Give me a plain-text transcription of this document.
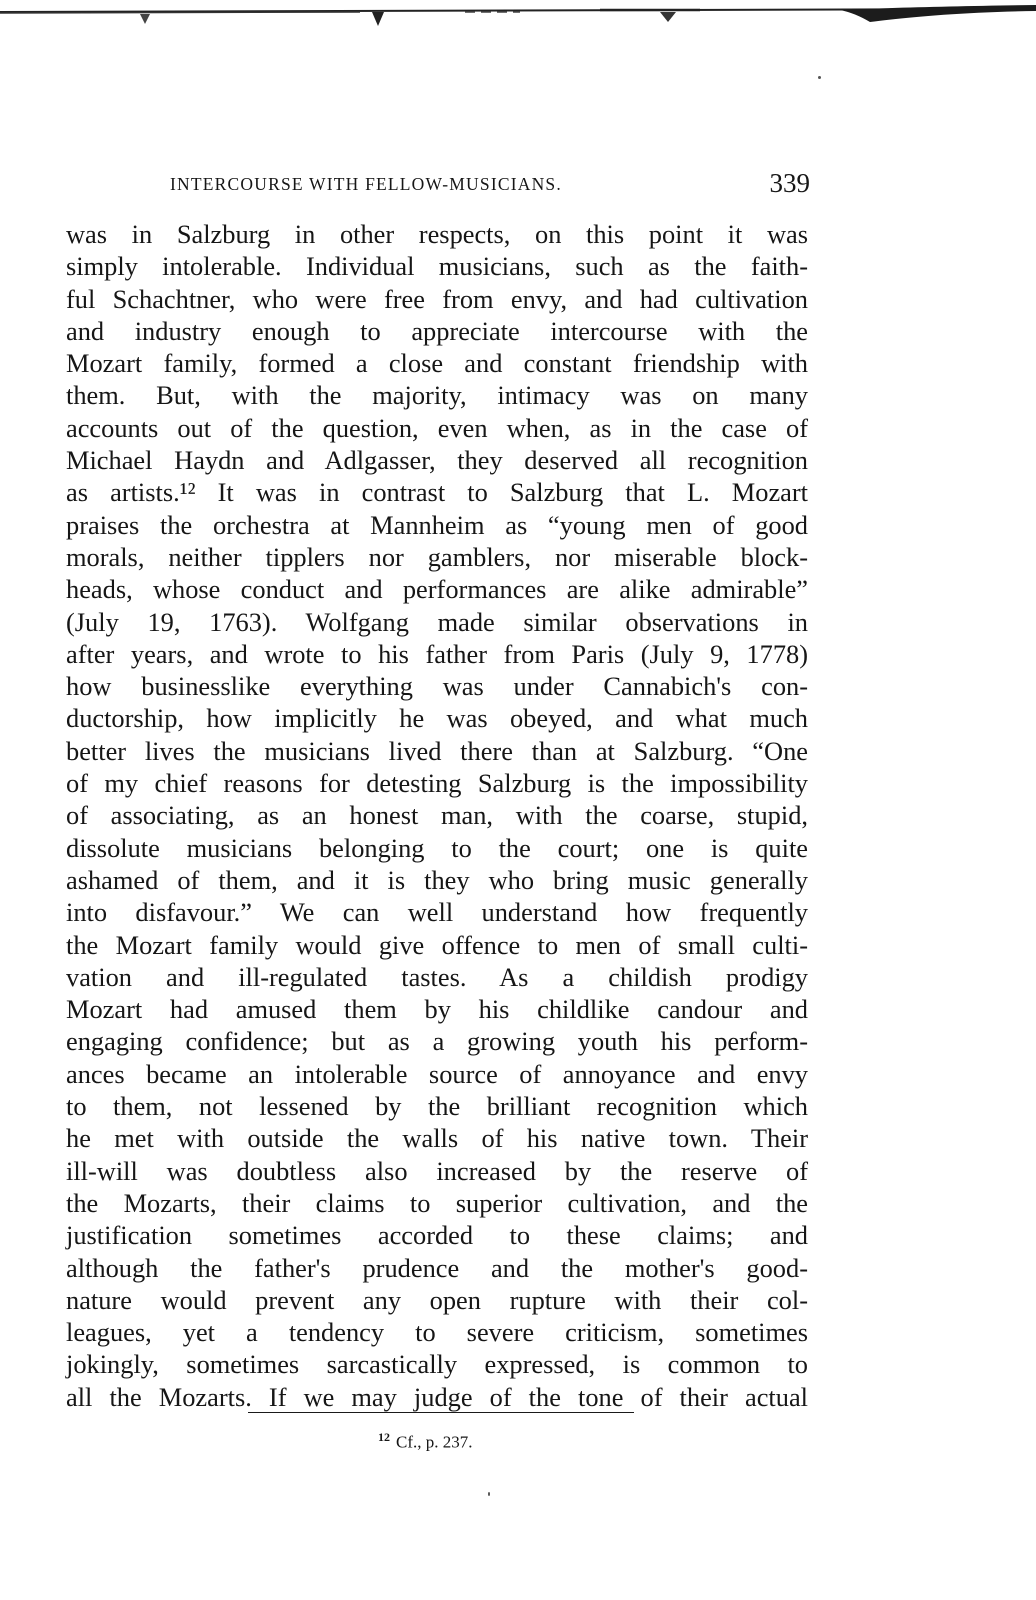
INTERCOURSE WITH FELLOW-MUSICIANS.	339

was in Salzburg in other respects, on this point it was
simply intolerable. Individual musicians, such as the faith-
ful Schachtner, who were free from envy, and had cultivation
and industry enough to appreciate intercourse with the
Mozart family, formed a close and constant friendship with
them. But, with the majority, intimacy was on many
accounts out of the question, even when, as in the case of
Michael Haydn and Adlgasser, they deserved all recognition
as artists.¹² It was in contrast to Salzburg that L. Mozart
praises the orchestra at Mannheim as “young men of good
morals, neither tipplers nor gamblers, nor miserable block-
heads, whose conduct and performances are alike admirable”
(July 19, 1763). Wolfgang made similar observations in
after years, and wrote to his father from Paris (July 9, 1778)
how businesslike everything was under Cannabich's con-
ductorship, how implicitly he was obeyed, and what much
better lives the musicians lived there than at Salzburg. “One
of my chief reasons for detesting Salzburg is the impossibility
of associating, as an honest man, with the coarse, stupid,
dissolute musicians belonging to the court; one is quite
ashamed of them, and it is they who bring music generally
into disfavour.” We can well understand how frequently
the Mozart family would give offence to men of small culti-
vation and ill-regulated tastes. As a childish prodigy
Mozart had amused them by his childlike candour and
engaging confidence; but as a growing youth his perform-
ances became an intolerable source of annoyance and envy
to them, not lessened by the brilliant recognition which
he met with outside the walls of his native town. Their
ill-will was doubtless also increased by the reserve of
the Mozarts, their claims to superior cultivation, and the
justification sometimes accorded to these claims; and
although the father's prudence and the mother's good-
nature would prevent any open rupture with their col-
leagues, yet a tendency to severe criticism, sometimes
jokingly, sometimes sarcastically expressed, is common to
all the Mozarts. If we may judge of the tone of their actual

$^{12}$ Cf., p. 237.
